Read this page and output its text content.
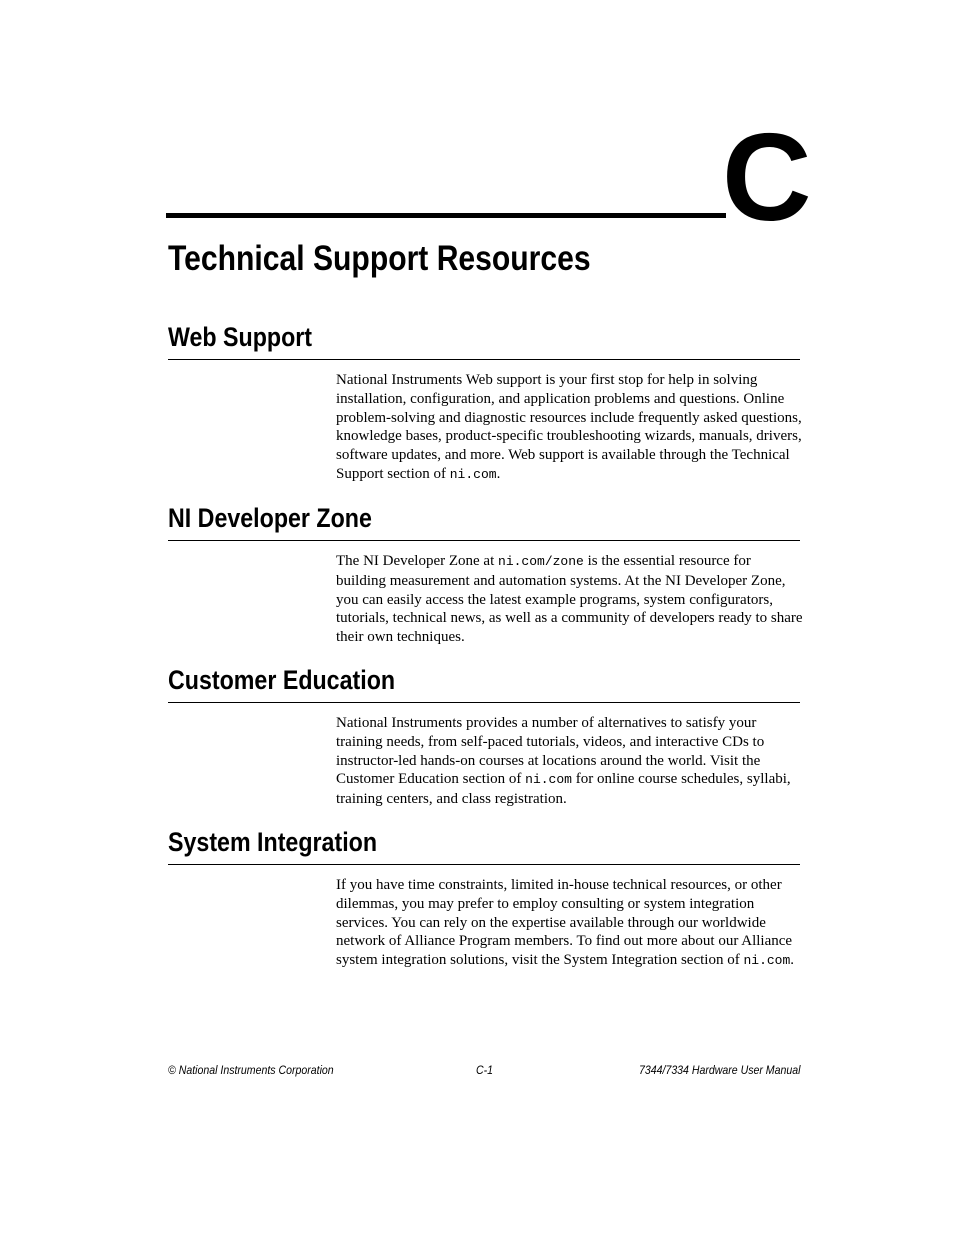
C
Technical Support Resources
Web Support

National Instruments Web support is your first stop for help in solving installation, configuration, and application problems and questions. Online problem-solving and diagnostic resources include frequently asked questions, knowledge bases, product-specific troubleshooting wizards, manuals, drivers, software updates, and more. Web support is available through the Technical Support section of ni.com.

NI Developer Zone

The NI Developer Zone at ni.com/zone is the essential resource for building measurement and automation systems. At the NI Developer Zone, you can easily access the latest example programs, system configurators, tutorials, technical news, as well as a community of developers ready to share their own techniques.

Customer Education

National Instruments provides a number of alternatives to satisfy your training needs, from self-paced tutorials, videos, and interactive CDs to instructor-led hands-on courses at locations around the world. Visit the Customer Education section of ni.com for online course schedules, syllabi, training centers, and class registration.

System Integration

If you have time constraints, limited in-house technical resources, or other dilemmas, you may prefer to employ consulting or system integration services. You can rely on the expertise available through our worldwide network of Alliance Program members. To find out more about our Alliance system integration solutions, visit the System Integration section of ni.com.

© National Instruments Corporation	C-1	7344/7334 Hardware User Manual
